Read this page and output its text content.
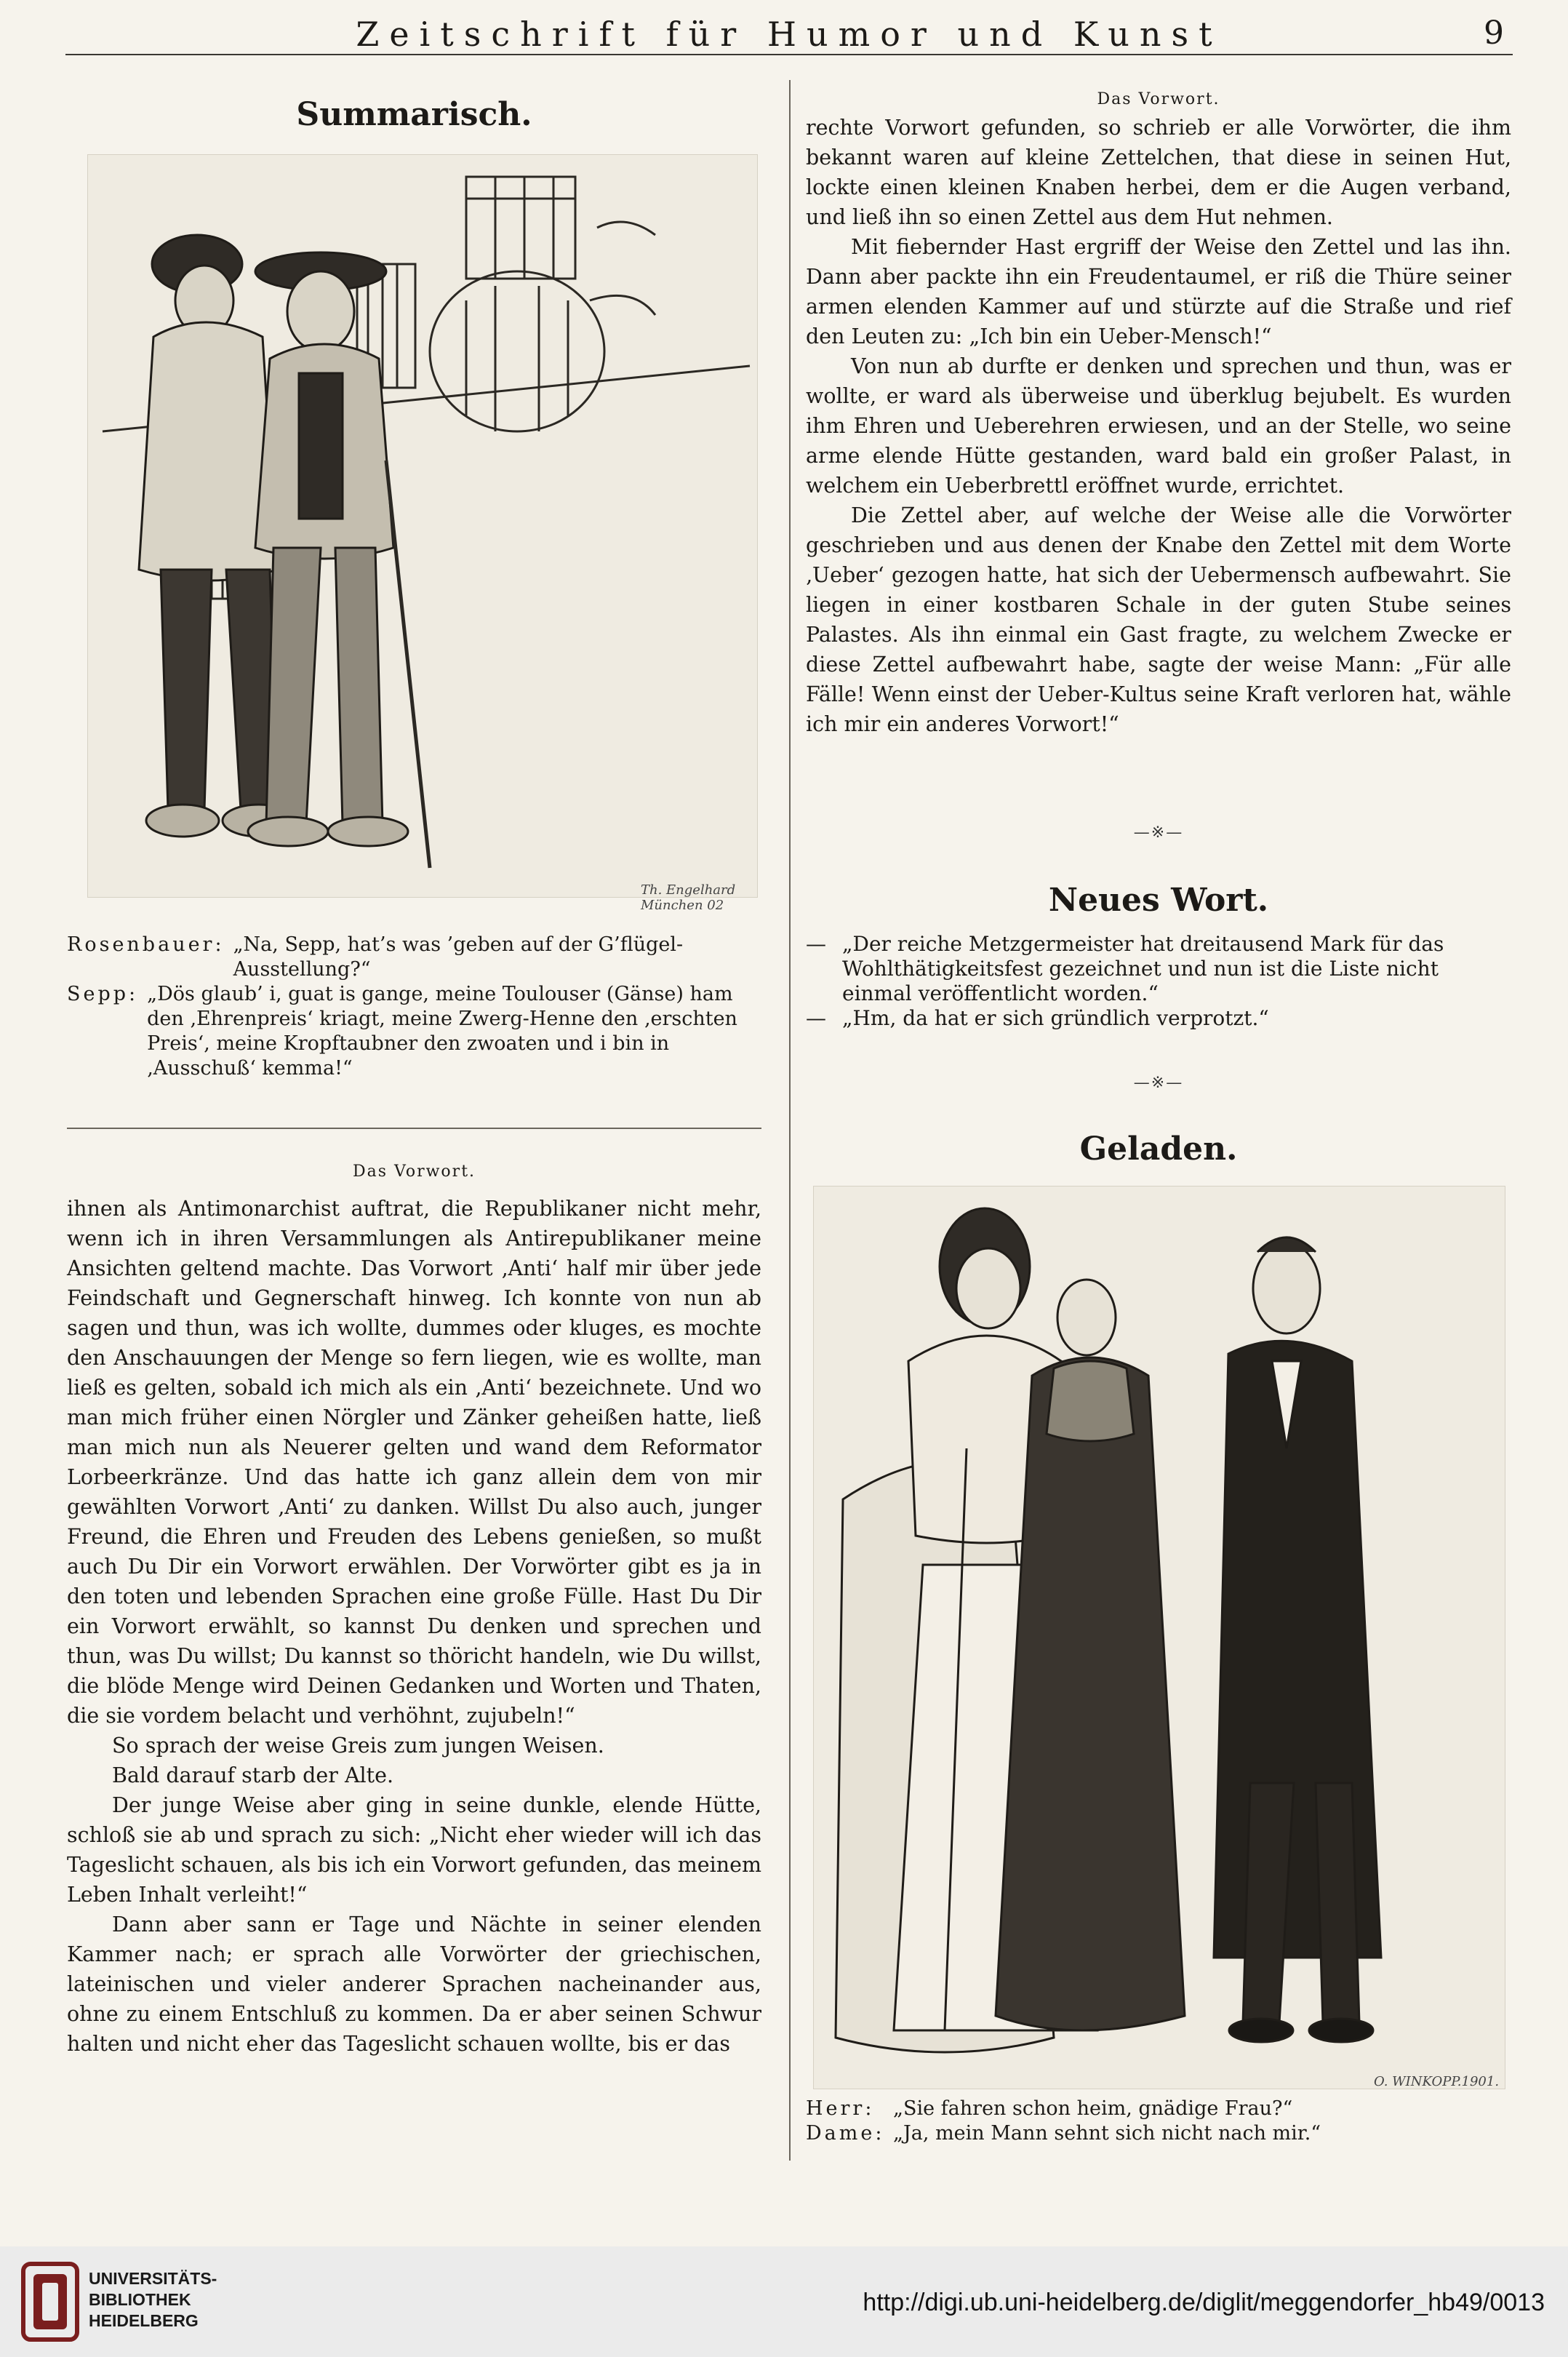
Zeitschrift für Humor und Kunst	9
Summarisch.
Th. Engelhard München 02
Rosenbauer: „Na, Sepp, hat’s was ’geben auf der G’flügel-Ausstellung?“
Sepp: „Dös glaub’ i, guat is gange, meine Toulouser (Gänse) ham den ‚Ehrenpreis‘ kriagt, meine Zwerg-Henne den ‚erschten Preis‘, meine Kropftaubner den zwoaten und i bin in ‚Ausschuß‘ kemma!“
Das Vorwort.

ihnen als Antimonarchist auftrat, die Republikaner nicht mehr, wenn ich in ihren Versammlungen als Antirepublikaner meine Ansichten geltend machte. Das Vorwort ‚Anti‘ half mir über jede Feindschaft und Gegnerschaft hinweg. Ich konnte von nun ab sagen und thun, was ich wollte, dummes oder kluges, es mochte den Anschauungen der Menge so fern liegen, wie es wollte, man ließ es gelten, sobald ich mich als ein ‚Anti‘ bezeichnete. Und wo man mich früher einen Nörgler und Zänker geheißen hatte, ließ man mich nun als Neuerer gelten und wand dem Reformator Lorbeerkränze. Und das hatte ich ganz allein dem von mir gewählten Vorwort ‚Anti‘ zu danken. Willst Du also auch, junger Freund, die Ehren und Freuden des Lebens genießen, so mußt auch Du Dir ein Vorwort erwählen. Der Vorwörter gibt es ja in den toten und lebenden Sprachen eine große Fülle. Hast Du Dir ein Vorwort erwählt, so kannst Du denken und sprechen und thun, was Du willst; Du kannst so thöricht handeln, wie Du willst, die blöde Menge wird Deinen Gedanken und Worten und Thaten, die sie vordem belacht und verhöhnt, zujubeln!“

So sprach der weise Greis zum jungen Weisen.

Bald darauf starb der Alte.

Der junge Weise aber ging in seine dunkle, elende Hütte, schloß sie ab und sprach zu sich: „Nicht eher wieder will ich das Tageslicht schauen, als bis ich ein Vorwort gefunden, das meinem Leben Inhalt verleiht!“

Dann aber sann er Tage und Nächte in seiner elenden Kammer nach; er sprach alle Vorwörter der griechischen, lateinischen und vieler anderer Sprachen nacheinander aus, ohne zu einem Entschluß zu kommen. Da er aber seinen Schwur halten und nicht eher das Tageslicht schauen wollte, bis er das

Das Vorwort.

rechte Vorwort gefunden, so schrieb er alle Vorwörter, die ihm bekannt waren auf kleine Zettelchen, that diese in seinen Hut, lockte einen kleinen Knaben herbei, dem er die Augen verband, und ließ ihn so einen Zettel aus dem Hut nehmen.

Mit fiebernder Hast ergriff der Weise den Zettel und las ihn. Dann aber packte ihn ein Freudentaumel, er riß die Thüre seiner armen elenden Kammer auf und stürzte auf die Straße und rief den Leuten zu: „Ich bin ein Ueber-Mensch!“

Von nun ab durfte er denken und sprechen und thun, was er wollte, er ward als überweise und überklug bejubelt. Es wurden ihm Ehren und Ueberehren erwiesen, und an der Stelle, wo seine arme elende Hütte gestanden, ward bald ein großer Palast, in welchem ein Ueberbrettl eröffnet wurde, errichtet.

Die Zettel aber, auf welche der Weise alle die Vorwörter geschrieben und aus denen der Knabe den Zettel mit dem Worte ‚Ueber‘ gezogen hatte, hat sich der Uebermensch aufbewahrt. Sie liegen in einer kostbaren Schale in der guten Stube seines Palastes. Als ihn einmal ein Gast fragte, zu welchem Zwecke er diese Zettel aufbewahrt habe, sagte der weise Mann: „Für alle Fälle! Wenn einst der Ueber-Kultus seine Kraft verloren hat, wähle ich mir ein anderes Vorwort!“

—※—
Neues Wort.
— „Der reiche Metzgermeister hat dreitausend Mark für das Wohlthätigkeitsfest gezeichnet und nun ist die Liste nicht einmal veröffentlicht worden.“
— „Hm, da hat er sich gründlich verprotzt.“
—※—
Geladen.
O. WINKOPP.1901.
Herr: „Sie fahren schon heim, gnädige Frau?“
Dame: „Ja, mein Mann sehnt sich nicht nach mir.“
UNIVERSITÄTS-
BIBLIOTHEK
HEIDELBERG
http://digi.ub.uni-heidelberg.de/diglit/meggendorfer_hb49/0013
